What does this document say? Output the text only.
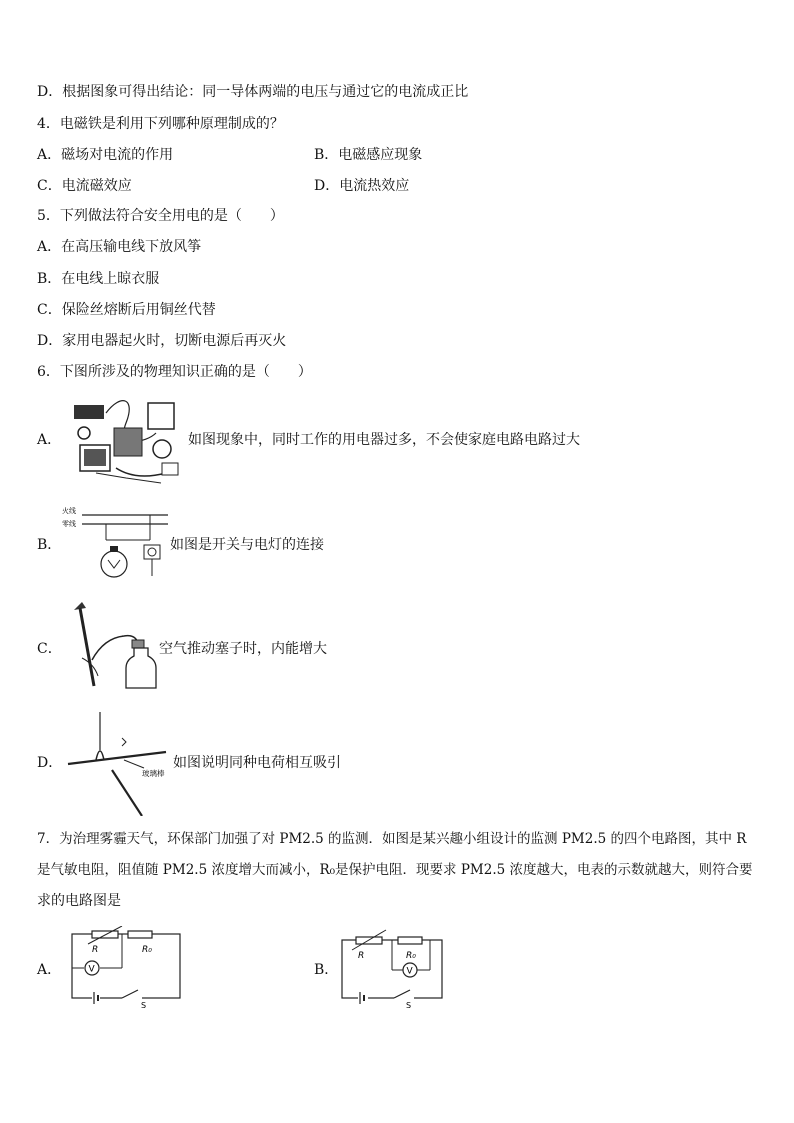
D．根据图象可得出结论：同一导体两端的电压与通过它的电流成正比
4．电磁铁是利用下列哪种原理制成的？
A．磁场对电流的作用	B．电磁感应现象
C．电流磁效应	D．电流热效应
5．下列做法符合安全用电的是（　　）
A．在高压输电线下放风筝
B．在电线上晾衣服
C．保险丝熔断后用铜丝代替
D．家用电器起火时，切断电源后再灭火
6．下图所涉及的物理知识正确的是（　　）
A．	如图现象中，同时工作的用电器过多，不会使家庭电路电路过大
B．
火线
零线
如图是开关与电灯的连接
C．	空气推动塞子时，内能增大
D．
玻璃棒
如图说明同种电荷相互吸引
7．为治理雾霾天气，环保部门加强了对 PM2.5 的监测．如图是某兴趣小组设计的监测 PM2.5 的四个电路图，其中 R
是气敏电阻，阻值随 PM2.5 浓度增大而减小，R₀是保护电阻．现要求 PM2.5 浓度越大，电表的示数就越大，则符合要
求的电路图是
A．
R	R₀
V
S
B．
R	R₀
V
S
